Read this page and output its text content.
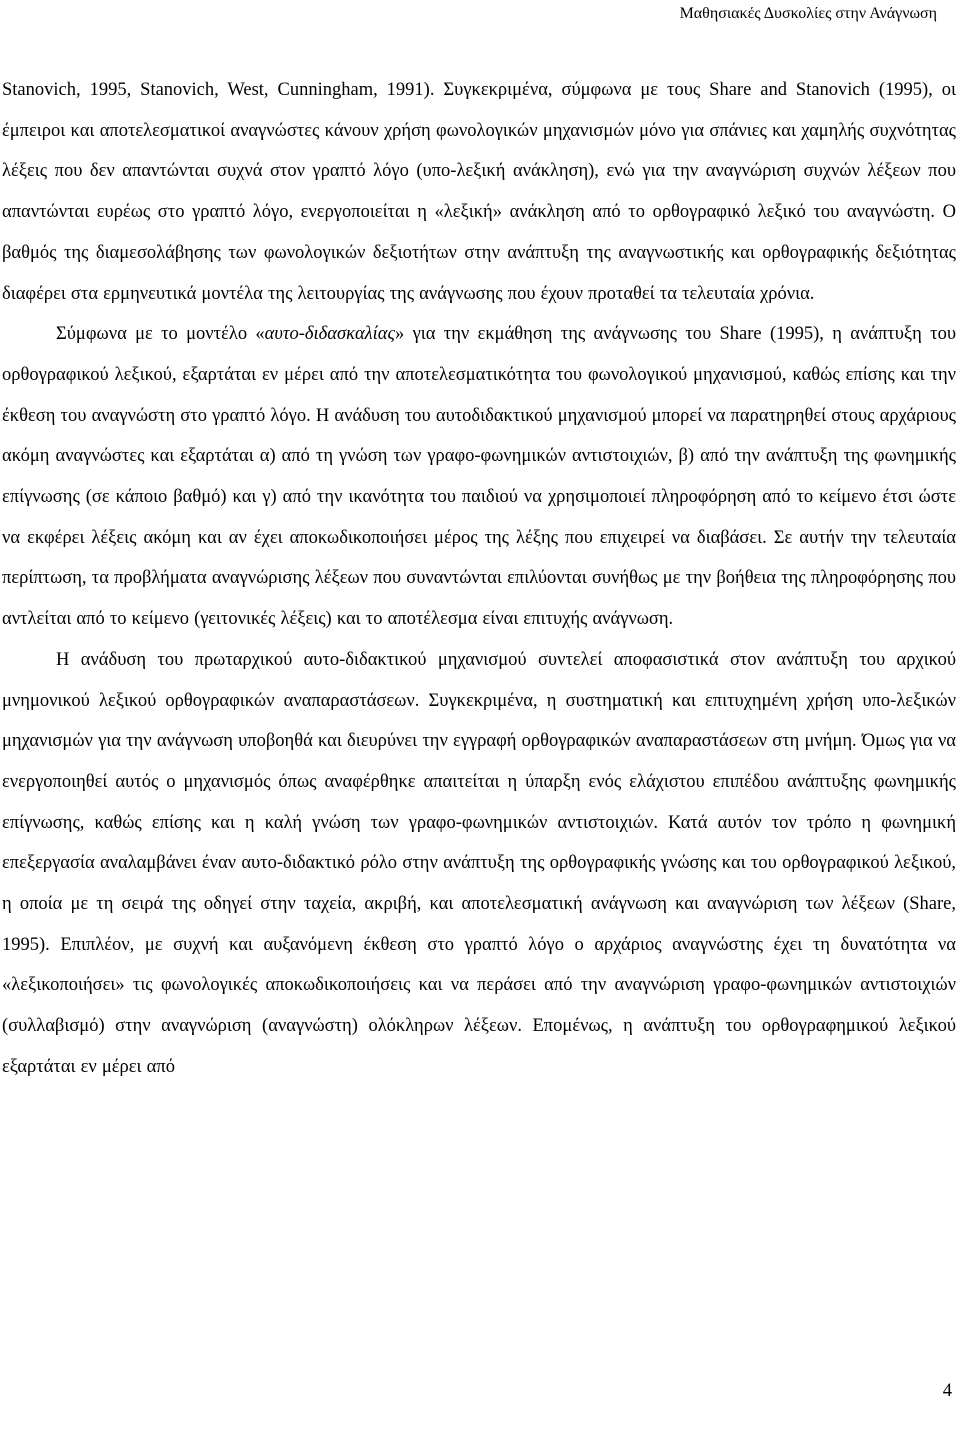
Μαθησιακές Δυσκολίες στην Ανάγνωση

Stanovich, 1995, Stanovich, West, Cunningham, 1991). Συγκεκριμένα, σύμφωνα με τους Share and Stanovich (1995), οι έμπειροι και αποτελεσματικοί αναγνώστες κάνουν χρήση φωνολογικών μηχανισμών μόνο για σπάνιες και χαμηλής συχνότητας λέξεις που δεν απαντώνται συχνά στον γραπτό λόγο (υπο-λεξική ανάκληση), ενώ για την αναγνώριση συχνών λέξεων που απαντώνται ευρέως στο γραπτό λόγο, ενεργοποιείται η «λεξική» ανάκληση από το ορθογραφικό λεξικό του αναγνώστη. Ο βαθμός της διαμεσολάβησης των φωνολογικών δεξιοτήτων στην ανάπτυξη της αναγνωστικής και ορθογραφικής δεξιότητας διαφέρει στα ερμηνευτικά μοντέλα της λειτουργίας της ανάγνωσης που έχουν προταθεί τα τελευταία χρόνια.

Σύμφωνα με το μοντέλο «αυτο-διδασκαλίας» για την εκμάθηση της ανάγνωσης του Share (1995), η ανάπτυξη του ορθογραφικού λεξικού, εξαρτάται εν μέρει από την αποτελεσματικότητα του φωνολογικού μηχανισμού, καθώς επίσης και την έκθεση του αναγνώστη στο γραπτό λόγο. Η ανάδυση του αυτοδιδακτικού μηχανισμού μπορεί να παρατηρηθεί στους αρχάριους ακόμη αναγνώστες και εξαρτάται α) από τη γνώση των γραφο-φωνημικών αντιστοιχιών, β) από την ανάπτυξη της φωνημικής επίγνωσης (σε κάποιο βαθμό) και γ) από την ικανότητα του παιδιού να χρησιμοποιεί πληροφόρηση από το κείμενο έτσι ώστε να εκφέρει λέξεις ακόμη και αν έχει αποκωδικοποιήσει μέρος της λέξης που επιχειρεί να διαβάσει. Σε αυτήν την τελευταία περίπτωση, τα προβλήματα αναγνώρισης λέξεων που συναντώνται επιλύονται συνήθως με την βοήθεια της πληροφόρησης που αντλείται από το κείμενο (γειτονικές λέξεις) και το αποτέλεσμα είναι επιτυχής ανάγνωση.

Η ανάδυση του πρωταρχικού αυτο-διδακτικού μηχανισμού συντελεί αποφασιστικά στον ανάπτυξη του αρχικού μνημονικού λεξικού ορθογραφικών αναπαραστάσεων. Συγκεκριμένα, η συστηματική και επιτυχημένη χρήση υπο-λεξικών μηχανισμών για την ανάγνωση υποβοηθά και διευρύνει την εγγραφή ορθογραφικών αναπαραστάσεων στη μνήμη. Όμως για να ενεργοποιηθεί αυτός ο μηχανισμός όπως αναφέρθηκε απαιτείται η ύπαρξη ενός ελάχιστου επιπέδου ανάπτυξης φωνημικής επίγνωσης, καθώς επίσης και η καλή γνώση των γραφο-φωνημικών αντιστοιχιών. Κατά αυτόν τον τρόπο η φωνημική επεξεργασία αναλαμβάνει έναν αυτο-διδακτικό ρόλο στην ανάπτυξη της ορθογραφικής γνώσης και του ορθογραφικού λεξικού, η οποία με τη σειρά της οδηγεί στην ταχεία, ακριβή, και αποτελεσματική ανάγνωση και αναγνώριση των λέξεων (Share, 1995). Επιπλέον, με συχνή και αυξανόμενη έκθεση στο γραπτό λόγο ο αρχάριος αναγνώστης έχει τη δυνατότητα να «λεξικοποιήσει» τις φωνολογικές αποκωδικοποιήσεις και να περάσει από την αναγνώριση γραφο-φωνημικών αντιστοιχιών (συλλαβισμό) στην αναγνώριση (αναγνώστη) ολόκληρων λέξεων. Επομένως, η ανάπτυξη του ορθογραφημικού λεξικού εξαρτάται εν μέρει από

4
